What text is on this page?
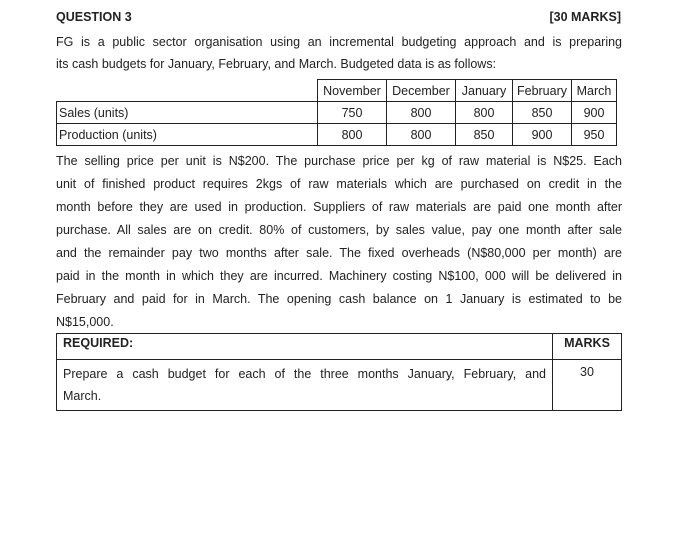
QUESTION 3	[30 MARKS]
FG is a public sector organisation using an incremental budgeting approach and is preparing
its cash budgets for January, February, and March. Budgeted data is as follows:
	November	December	January	February	March
Sales (units)	750	800	800	850	900
Production (units)	800	800	850	900	950
The selling price per unit is N$200. The purchase price per kg of raw material is N$25. Each
unit of finished product requires 2kgs of raw materials which are purchased on credit in the
month before they are used in production. Suppliers of raw materials are paid one month after
purchase. All sales are on credit. 80% of customers, by sales value, pay one month after sale
and the remainder pay two months after sale. The fixed overheads (N$80,000 per month) are
paid in the month in which they are incurred. Machinery costing N$100, 000 will be delivered in
February and paid for in March. The opening cash balance on 1 January is estimated to be
N$15,000.
REQUIRED:	MARKS

Prepare a cash budget for each of the three months January, February, and
March.	30
